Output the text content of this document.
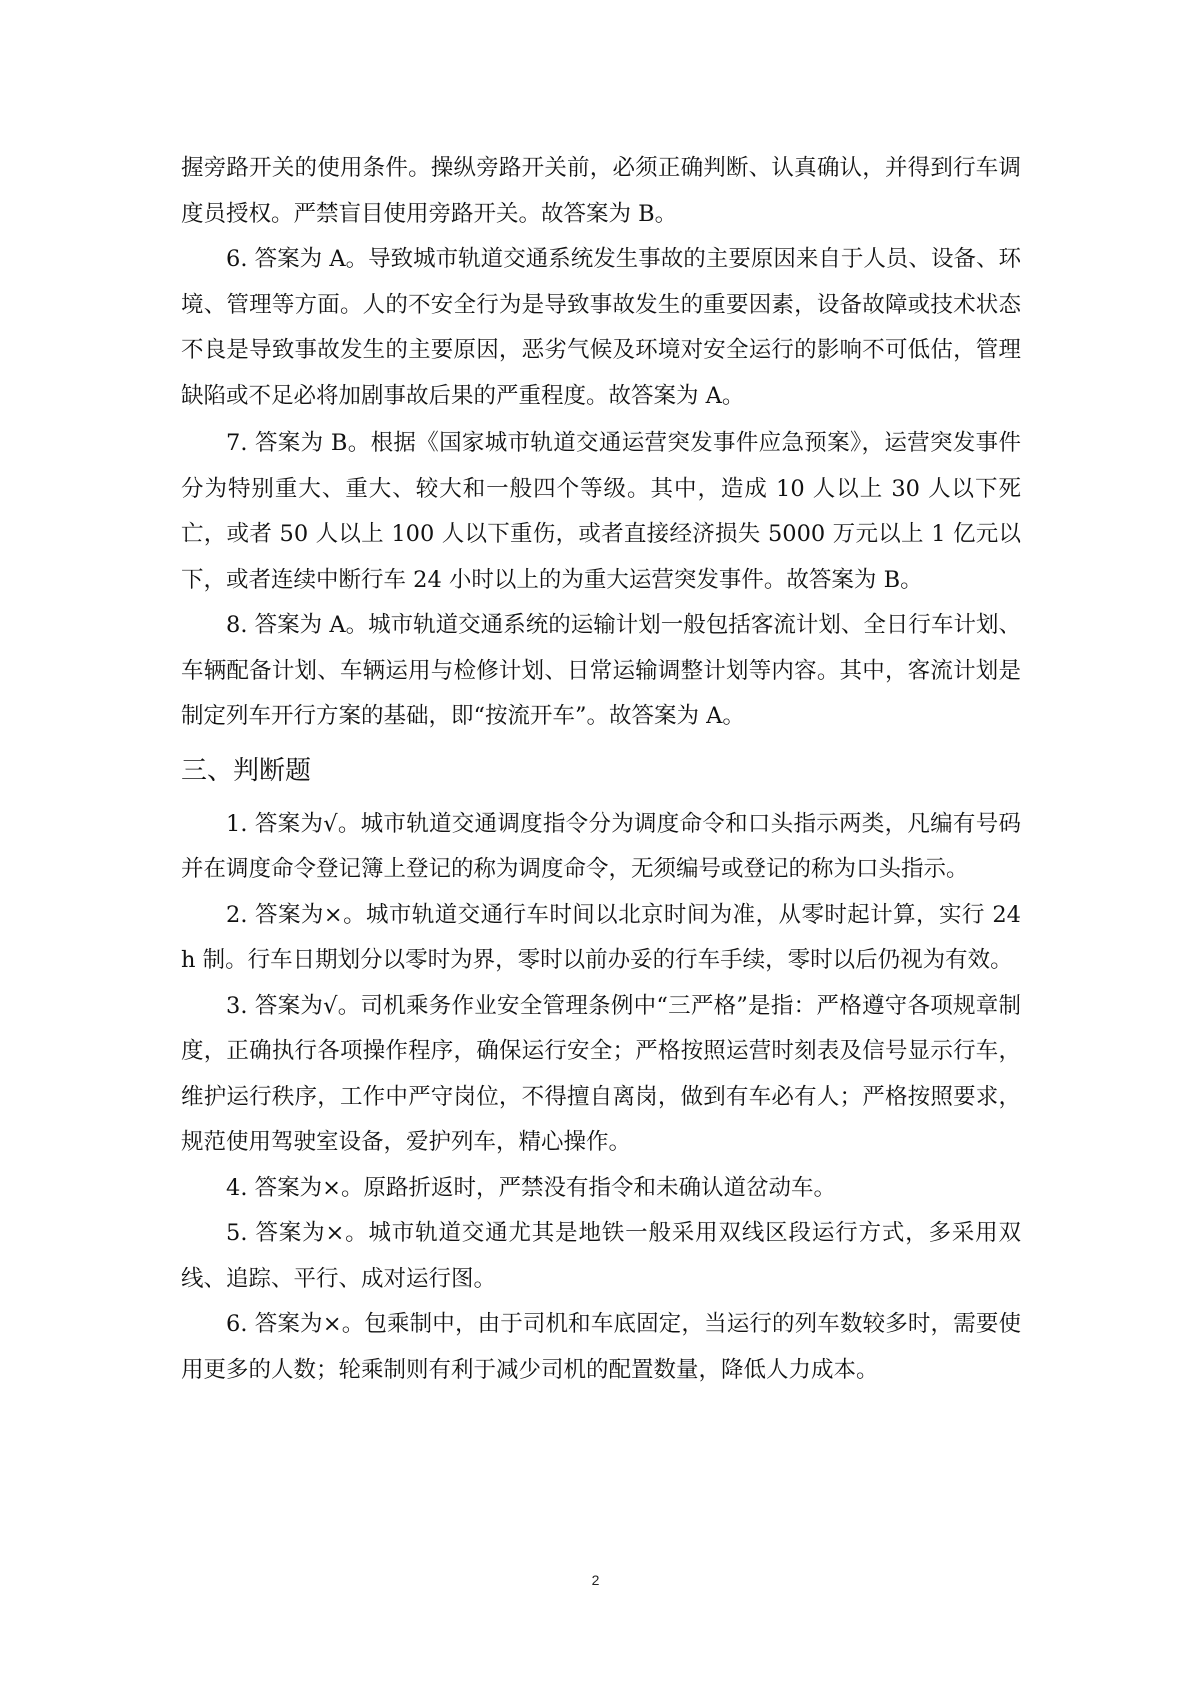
握旁路开关的使用条件。操纵旁路开关前，必须正确判断、认真确认，并得到行车调度员授权。严禁盲目使用旁路开关。故答案为 B。

6. 答案为 A。导致城市轨道交通系统发生事故的主要原因来自于人员、设备、环境、管理等方面。人的不安全行为是导致事故发生的重要因素，设备故障或技术状态不良是导致事故发生的主要原因，恶劣气候及环境对安全运行的影响不可低估，管理缺陷或不足必将加剧事故后果的严重程度。故答案为 A。

7. 答案为 B。根据《国家城市轨道交通运营突发事件应急预案》，运营突发事件分为特别重大、重大、较大和一般四个等级。其中，造成 10 人以上 30 人以下死亡，或者 50 人以上 100 人以下重伤，或者直接经济损失 5000 万元以上 1 亿元以下，或者连续中断行车 24 小时以上的为重大运营突发事件。故答案为 B。

8. 答案为 A。城市轨道交通系统的运输计划一般包括客流计划、全日行车计划、车辆配备计划、车辆运用与检修计划、日常运输调整计划等内容。其中，客流计划是制定列车开行方案的基础，即“按流开车”。故答案为 A。

三、判断题

1. 答案为√。城市轨道交通调度指令分为调度命令和口头指示两类，凡编有号码并在调度命令登记簿上登记的称为调度命令，无须编号或登记的称为口头指示。

2. 答案为×。城市轨道交通行车时间以北京时间为准，从零时起计算，实行 24h 制。行车日期划分以零时为界，零时以前办妥的行车手续，零时以后仍视为有效。

3. 答案为√。司机乘务作业安全管理条例中“三严格”是指：严格遵守各项规章制度，正确执行各项操作程序，确保运行安全；严格按照运营时刻表及信号显示行车，维护运行秩序，工作中严守岗位，不得擅自离岗，做到有车必有人；严格按照要求，规范使用驾驶室设备，爱护列车，精心操作。

4. 答案为×。原路折返时，严禁没有指令和未确认道岔动车。

5. 答案为×。城市轨道交通尤其是地铁一般采用双线区段运行方式，多采用双线、追踪、平行、成对运行图。

6. 答案为×。包乘制中，由于司机和车底固定，当运行的列车数较多时，需要使用更多的人数；轮乘制则有利于减少司机的配置数量，降低人力成本。

2
